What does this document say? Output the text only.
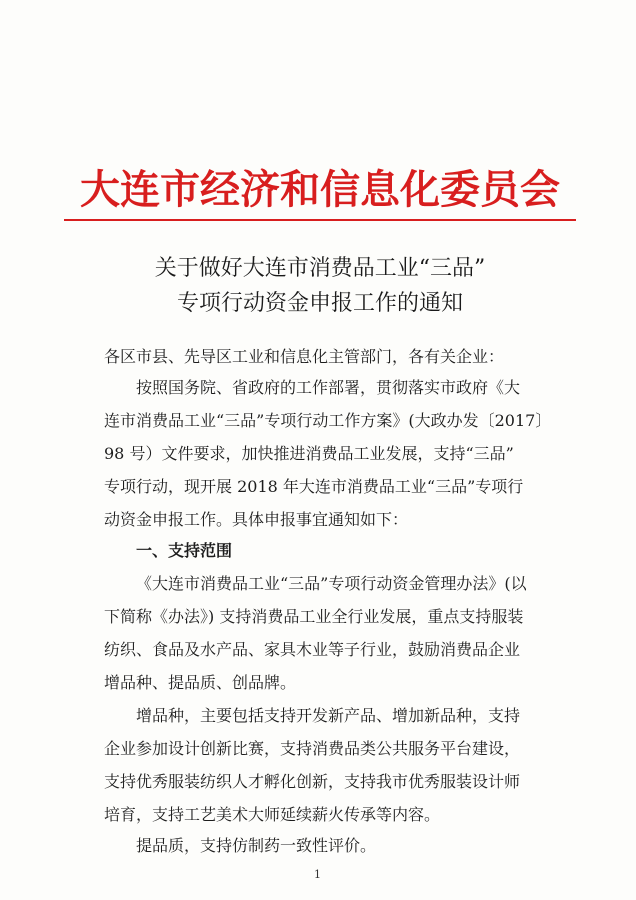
大连市经济和信息化委员会
关于做好大连市消费品工业“三品”
专项行动资金申报工作的通知
各区市县、先导区工业和信息化主管部门，各有关企业：
按照国务院、省政府的工作部署，贯彻落实市政府《大
连市消费品工业“三品”专项行动工作方案》(大政办发〔2017〕
98 号）文件要求，加快推进消费品工业发展，支持“三品”
专项行动，现开展 2018 年大连市消费品工业“三品”专项行
动资金申报工作。具体申报事宜通知如下：
一、支持范围
《大连市消费品工业“三品”专项行动资金管理办法》(以
下简称《办法》) 支持消费品工业全行业发展，重点支持服装
纺织、食品及水产品、家具木业等子行业，鼓励消费品企业
增品种、提品质、创品牌。
增品种，主要包括支持开发新产品、增加新品种，支持
企业参加设计创新比赛，支持消费品类公共服务平台建设，
支持优秀服装纺织人才孵化创新，支持我市优秀服装设计师
培育，支持工艺美术大师延续薪火传承等内容。
提品质，支持仿制药一致性评价。
1
